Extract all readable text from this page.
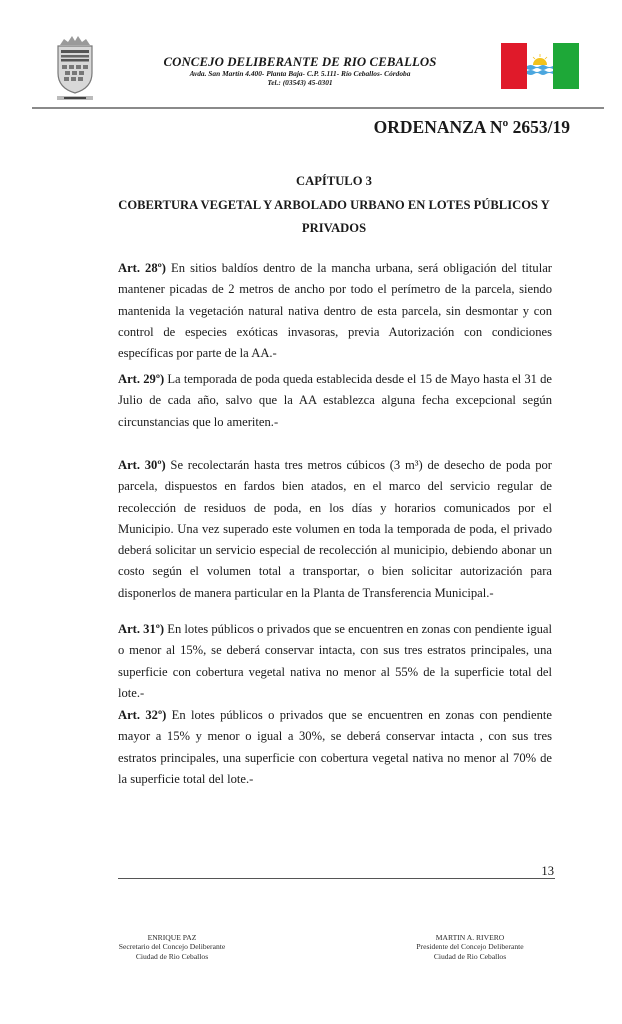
CONCEJO DELIBERANTE DE RIO CEBALLOS
Avda. San Martín 4.400- Planta Baja- C.P. 5.111- Río Ceballos- Córdoba
Tel.: (03543) 45-0301
ORDENANZA Nº 2653/19
CAPÍTULO 3
COBERTURA VEGETAL Y ARBOLADO URBANO EN LOTES PÚBLICOS Y PRIVADOS
Art. 28º) En sitios baldíos dentro de la mancha urbana, será obligación del titular mantener picadas de 2 metros de ancho por todo el perímetro de la parcela, siendo mantenida la vegetación natural nativa dentro de esta parcela, sin desmontar y con control de especies exóticas invasoras, previa Autorización con condiciones específicas por parte de la AA.-
Art. 29º) La temporada de poda queda establecida desde el 15 de Mayo hasta el 31 de Julio de cada año, salvo que la AA establezca alguna fecha excepcional según circunstancias que lo ameriten.-
Art. 30º) Se recolectarán hasta tres metros cúbicos (3 m³) de desecho de poda por parcela, dispuestos en fardos bien atados, en el marco del servicio regular de recolección de residuos de poda, en los días y horarios comunicados por el Municipio. Una vez superado este volumen en toda la temporada de poda, el privado deberá solicitar un servicio especial de recolección al municipio, debiendo abonar un costo según el volumen total a transportar, o bien solicitar autorización para disponerlos de manera particular en la Planta de Transferencia Municipal.-
Art. 31º) En lotes públicos o privados que se encuentren en zonas con pendiente igual o menor al 15%, se deberá conservar intacta, con sus tres estratos principales, una superficie con cobertura vegetal nativa no menor al 55% de la superficie total del lote.-
Art. 32º) En lotes públicos o privados que se encuentren en zonas con pendiente mayor a 15% y menor o igual a 30%, se deberá conservar intacta , con sus tres estratos principales, una superficie con cobertura vegetal nativa no menor al 70% de la superficie total del lote.-
13
ENRIQUE PAZ
Secretario del Concejo Deliberante
Ciudad de Rio Ceballos
MARTIN A. RIVERO
Presidente del Concejo Deliberante
Ciudad de Rio Ceballos
